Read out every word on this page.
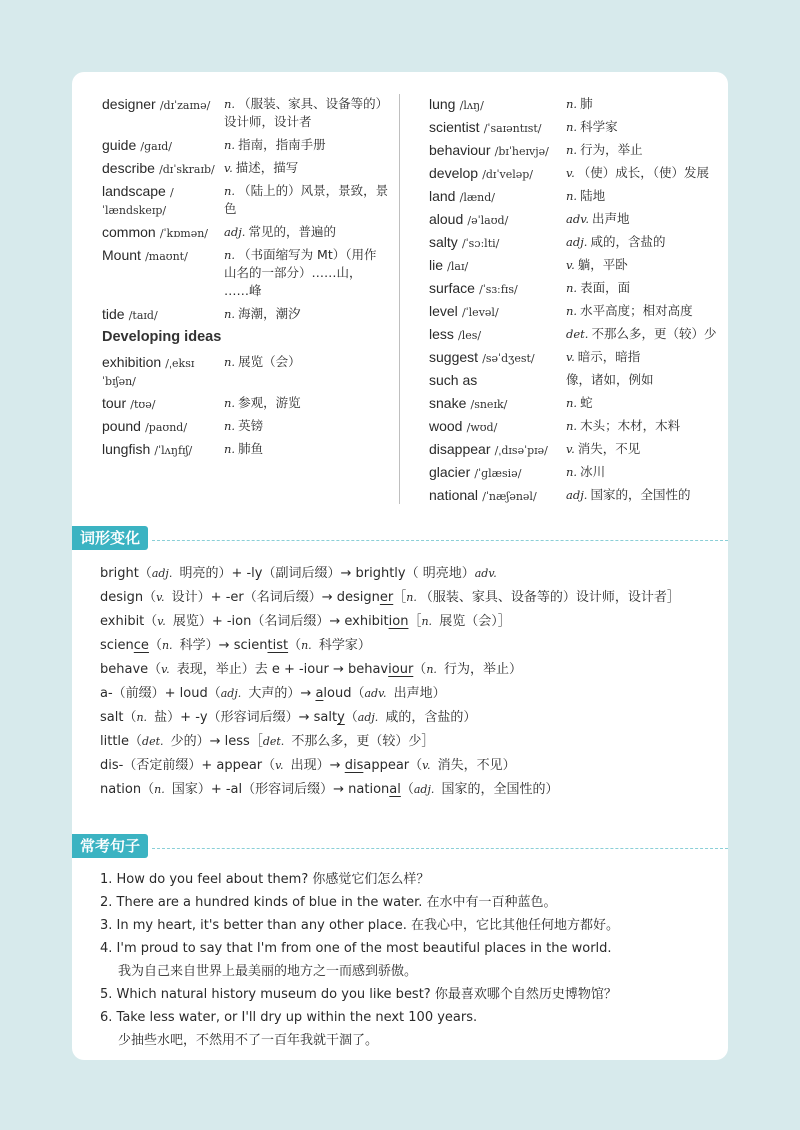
designer /dɪˈzaɪnə/	n. （服装、家具、设备等的）
设计师，设计者
guide /ɡaɪd/	n. 指南，指南手册
describe /dɪˈskraɪb/ v. 描述，描写
landscape /ˈlændskeɪp/
n. （陆上的）风景，景致，景色
common /ˈkɒmən/	adj. 常见的，普遍的
Mount /maʊnt/	n. （书面缩写为 Mt）（用作
山名的一部分）……山，
……峰
tide /taɪd/	n. 海潮，潮汐
Developing ideas
exhibition /ˌeksɪˈbɪʃən/
n. 展览（会）
tour /tʊə/	n. 参观，游览
pound /paʊnd/	n. 英镑
lungfish /ˈlʌŋfɪʃ/	n. 肺鱼
lung /lʌŋ/	n. 肺
scientist /ˈsaɪəntɪst/	n. 科学家
behaviour /bɪˈheɪvjə/	n. 行为，举止
develop /dɪˈveləp/	v. （使）成长，（使）发展
land /lænd/	n. 陆地
aloud /əˈlaʊd/	adv. 出声地
salty /ˈsɔːlti/	adj. 咸的，含盐的
lie /laɪ/	v. 躺，平卧
surface /ˈsɜːfɪs/	n. 表面，面
level /ˈlevəl/	n. 水平高度；相对高度
less /les/	det. 不那么多，更（较）少
suggest /səˈdʒest/	v. 暗示，暗指
such as	像，诸如，例如
snake /sneɪk/	n. 蛇
wood /wʊd/	n. 木头；木材，木料
disappear /ˌdɪsəˈpɪə/	v. 消失，不见
glacier /ˈɡlæsiə/	n. 冰川
national /ˈnæʃənəl/	adj. 国家的，全国性的
词形变化
bright（adj. 明亮的）+ -ly（副词后缀）→ brightly（ 明亮地）adv.
design（v. 设计）+ -er（名词后缀）→ designer［n. （服装、家具、设备等的）设计师，设计者］
exhibit（v. 展览）+ -ion（名词后缀）→ exhibition［n. 展览（会）］
science（n. 科学）→ scientist（n. 科学家）
behave（v. 表现，举止）去 e + -iour → behaviour（n. 行为，举止）
a-（前缀）+ loud（adj. 大声的）→ aloud（adv. 出声地）
salt（n. 盐）+ -y（形容词后缀）→ salty（adj. 咸的，含盐的）
little（det. 少的）→ less［det. 不那么多，更（较）少］
dis-（否定前缀）+ appear（v. 出现）→ disappear（v. 消失，不见）
nation（n. 国家）+ -al（形容词后缀）→ national（adj. 国家的，全国性的）
常考句子
1. How do you feel about them? 你感觉它们怎么样？
2. There are a hundred kinds of blue in the water. 在水中有一百种蓝色。
3. In my heart, it's better than any other place. 在我心中，它比其他任何地方都好。
4. I'm proud to say that I'm from one of the most beautiful places in the world.
我为自己来自世界上最美丽的地方之一而感到骄傲。
5. Which natural history museum do you like best? 你最喜欢哪个自然历史博物馆？
6. Take less water, or I'll dry up within the next 100 years.
少抽些水吧，不然用不了一百年我就干涸了。
